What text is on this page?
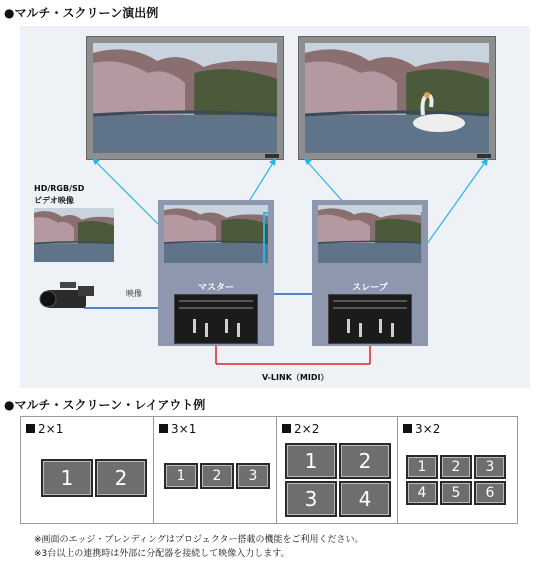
●マルチ・スクリーン演出例
マスター	スレーブ
HD/RGB/SD
ビデオ映像
映像
V-LINK（MIDI）
●マルチ・スクリーン・レイアウト例
2×1
1	2
3×1
1	2	3
2×2
1	2
3	4
3×2
1	2	3
4	5	6
※画面のエッジ・ブレンディングはプロジェクター搭載の機能をご利用ください。
※3台以上の連携時は外部に分配器を接続して映像入力します。
